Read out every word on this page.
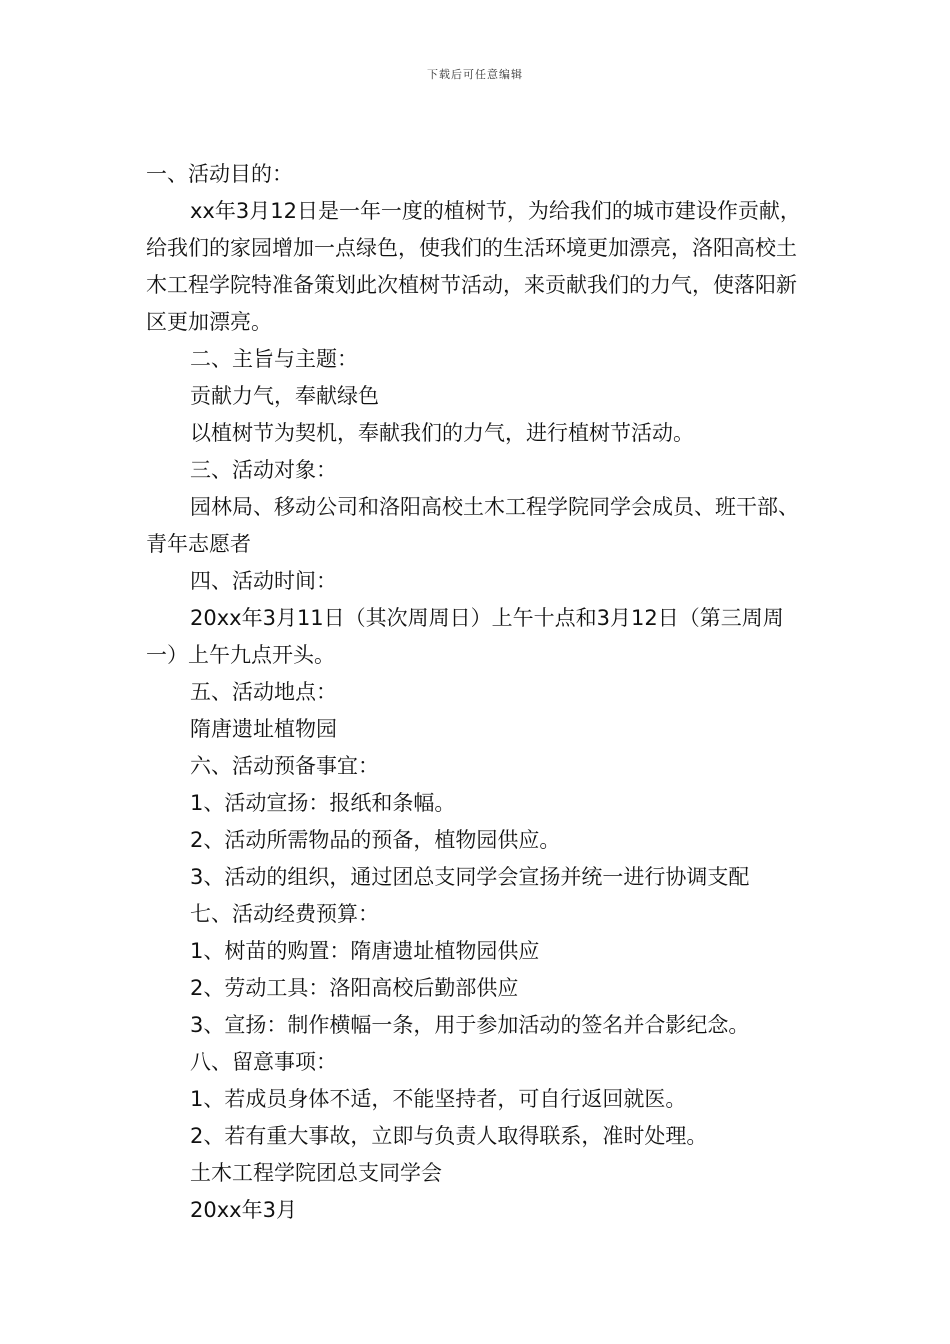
下载后可任意编辑

一、活动目的：

xx年3月12日是一年一度的植树节，为给我们的城市建设作贡献，给我们的家园增加一点绿色，使我们的生活环境更加漂亮，洛阳高校土木工程学院特准备策划此次植树节活动，来贡献我们的力气，使落阳新区更加漂亮。

二、主旨与主题：

贡献力气，奉献绿色

以植树节为契机，奉献我们的力气，进行植树节活动。

三、活动对象：

园林局、移动公司和洛阳高校土木工程学院同学会成员、班干部、青年志愿者

四、活动时间：

20xx年3月11日（其次周周日）上午十点和3月12日（第三周周一）上午九点开头。

五、活动地点：

隋唐遗址植物园

六、活动预备事宜：

1、活动宣扬：报纸和条幅。

2、活动所需物品的预备，植物园供应。

3、活动的组织，通过团总支同学会宣扬并统一进行协调支配

七、活动经费预算：

1、树苗的购置：隋唐遗址植物园供应

2、劳动工具：洛阳高校后勤部供应

3、宣扬：制作横幅一条，用于参加活动的签名并合影纪念。

八、留意事项：

1、若成员身体不适，不能坚持者，可自行返回就医。

2、若有重大事故，立即与负责人取得联系，准时处理。

土木工程学院团总支同学会

20xx年3月
